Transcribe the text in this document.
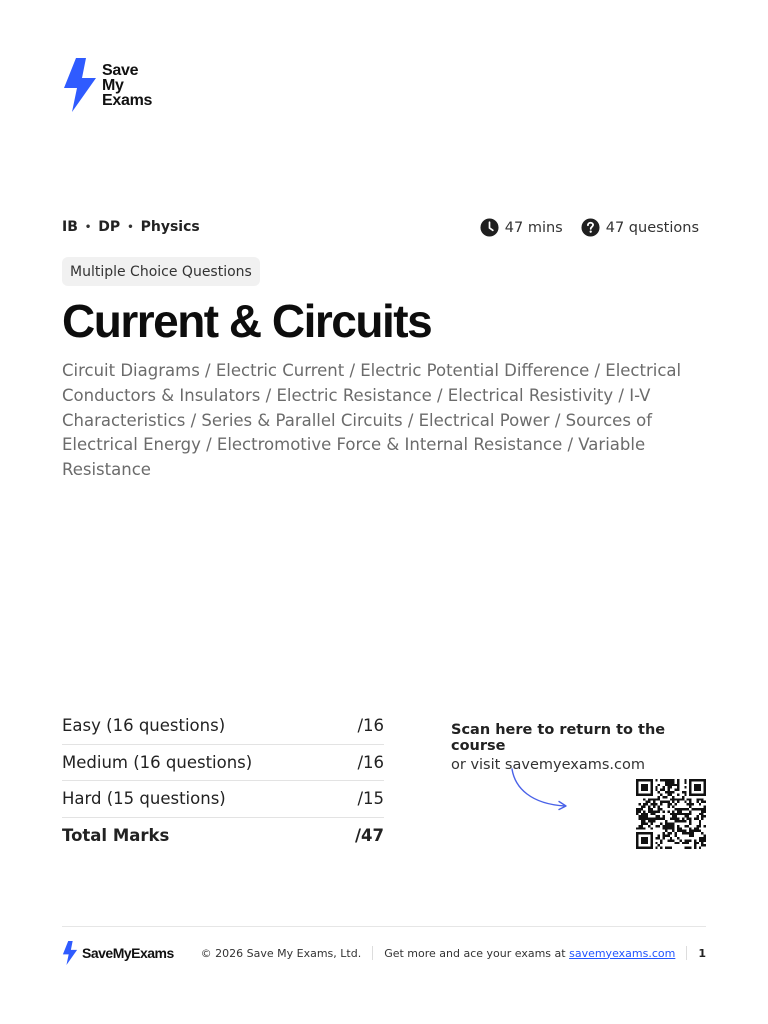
Save
My
Exams
IB • DP • Physics	47 mins	47 questions
Multiple Choice Questions
Current & Circuits

Circuit Diagrams / Electric Current / Electric Potential Difference / Electrical Conductors & Insulators / Electric Resistance / Electrical Resistivity / I-V Characteristics / Series & Parallel Circuits / Electrical Power / Sources of Electrical Energy / Electromotive Force & Internal Resistance / Variable Resistance

Easy (16 questions)	/16
Medium (16 questions)	/16
Hard (15 questions)	/15
Total Marks	/47
Scan here to return to the course
or visit savemyexams.com
SaveMyExams © 2026 Save My Exams, Ltd. Get more and ace your exams at
savemyexams.com 1
